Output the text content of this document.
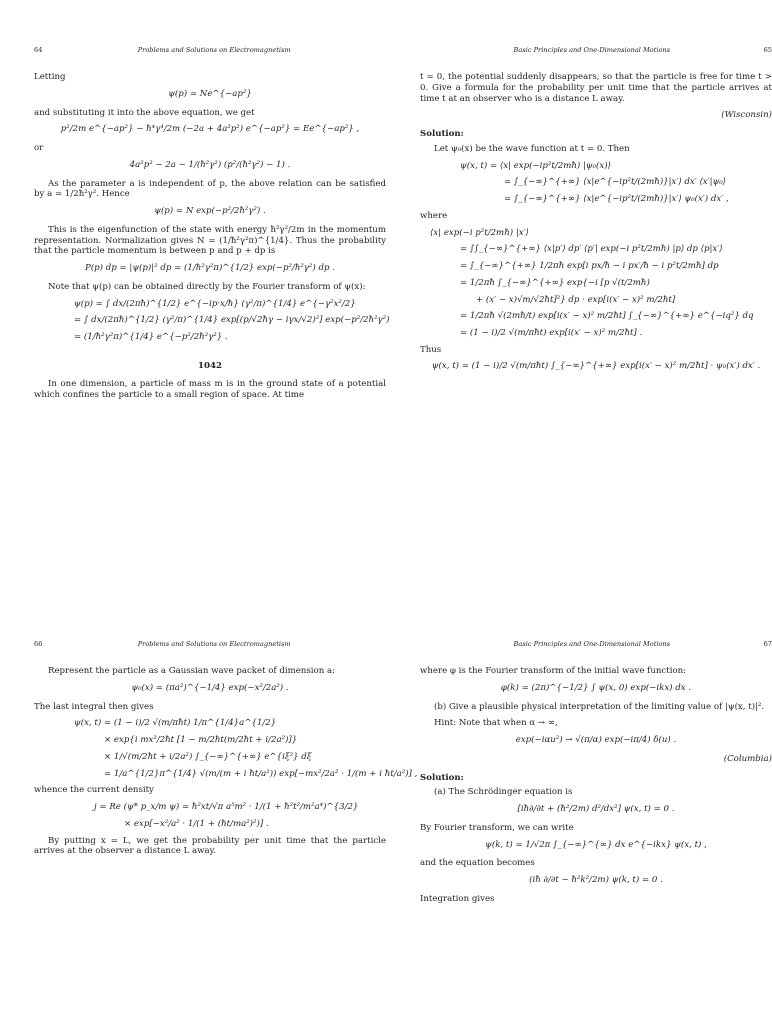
64	Problems and Solutions on Electromagnetism

Letting

ψ(p) = Ne^{−ap²}

and substituting it into the above equation, we get

p²/2m e^{−ap²} − ħ⁴γ⁴/2m (−2a + 4a²p²) e^{−ap²} = Ee^{−ap²} ,

or

4a²p² − 2a − 1/(ħ²γ²) (p²/(ħ²γ²) − 1) .

As the parameter a is independent of p, the above relation can be satisfied by a = 1/2ħ²γ². Hence

ψ(p) = N exp(−p²/2ħ²γ²) .

This is the eigenfunction of the state with energy ħ²γ²/2m in the momentum representation. Normalization gives N = (1/ħ²γ²π)^{1/4}. Thus the probability that the particle momentum is between p and p + dp is

P(p) dp = |ψ(p)|² dp = (1/ħ²γ²π)^{1/2} exp(−p²/ħ²γ²) dp .

Note that ψ(p) can be obtained directly by the Fourier transform of ψ(x):

ψ(p) = ∫ dx/(2πħ)^{1/2} e^{−ip·x/ħ} (γ²/π)^{1/4} e^{−γ²x²/2}
= ∫ dx/(2πħ)^{1/2} (γ²/π)^{1/4} exp[(p/√2ħγ − iγx/√2)²] exp(−p²/2ħ²γ²)
= (1/ħ²γ²π)^{1/4} e^{−p²/2ħ²γ²} .
1042

In one dimension, a particle of mass m is in the ground state of a potential which confines the particle to a small region of space. At time

Basic Principles and One-Dimensional Motions	65

t = 0, the potential suddenly disappears, so that the particle is free for time t > 0. Give a formula for the probability per unit time that the particle arrives at time t at an observer who is a distance L away.

(Wisconsin)
Solution:

Let ψ₀(x) be the wave function at t = 0. Then

ψ(x, t) = ⟨x| exp(−ip²t/2mħ) |ψ₀(x)⟩
= ∫_{−∞}^{+∞} ⟨x|e^{−ip²t/(2mħ)}|x′⟩ dx′ ⟨x′|ψ₀⟩
= ∫_{−∞}^{+∞} ⟨x|e^{−ip²t/(2mħ)}|x′⟩ ψ₀(x′) dx′ ,

where

⟨x| exp(−i p²t/2mħ) |x′⟩
= ∫∫_{−∞}^{+∞} ⟨x|p′⟩ dp′ ⟨p′| exp(−i p²t/2mħ) |p⟩ dp ⟨p|x′⟩
= ∫_{−∞}^{+∞} 1/2πħ exp[i px/ħ − i px′/ħ − i p²t/2mħ] dp
= 1/2πħ ∫_{−∞}^{+∞} exp{−i [p √(t/2mħ)
+ (x′ − x)√m/√2ħt]²} dp · exp[i(x′ − x)² m/2ħt]
= 1/2πħ √(2mħ/t) exp[i(x′ − x)² m/2ħt] ∫_{−∞}^{+∞} e^{−iq²} dq
= (1 − i)/2 √(m/πħt) exp[i(x′ − x)² m/2ħt] .

Thus

ψ(x, t) = (1 − i)/2 √(m/πħt) ∫_{−∞}^{+∞} exp[i(x′ − x)² m/2ħt] · ψ₀(x′) dx′ .
66	Problems and Solutions on Electromagnetism

Represent the particle as a Gaussian wave packet of dimension a:

ψ₀(x) = (πa²)^{−1/4} exp(−x²/2a²) .

The last integral then gives

ψ(x, t) = (1 − i)/2 √(m/πħt) 1/π^{1/4}a^{1/2}
× exp{i mx²/2ħt [1 − m/2ħt(m/2ħt + i/2a²)]}
× 1/√(m/2ħt + i/2a²) ∫_{−∞}^{+∞} e^{iξ²} dξ
= 1/a^{1/2}π^{1/4} √(m/(m + i ħt/a²)) exp[−mx²/2a² · 1/(m + i ħt/a²)] ,

whence the current density

j = Re (ψ* p_x/m ψ) = ħ²xt/√π a⁵m² · 1/(1 + ħ²t²/m²a⁴)^{3/2}
× exp[−x²/a² · 1/(1 + (ħt/ma²)²)] .

By putting x = L, we get the probability per unit time that the particle arrives at the observer a distance L away.

Basic Principles and One-Dimensional Motions	67

where φ is the Fourier transform of the initial wave function:

φ(k) = (2π)^{−1/2} ∫ ψ(x, 0) exp(−ikx) dx .

(b) Give a plausible physical interpretation of the limiting value of |ψ(x, t)|².

Hint: Note that when α → ∞,

exp(−iαu²) → √(π/α) exp(−iπ/4) δ(u) .
(Columbia)
Solution:

(a) The Schrödinger equation is

[iħ∂/∂t + (ħ²/2m) d²/dx²] ψ(x, t) = 0 .

By Fourier transform, we can write

ψ(k, t) = 1/√2π ∫_{−∞}^{∞} dx e^{−ikx} ψ(x, t) ,

and the equation becomes

(iħ ∂/∂t − ħ²k²/2m) ψ(k, t) = 0 .

Integration gives
